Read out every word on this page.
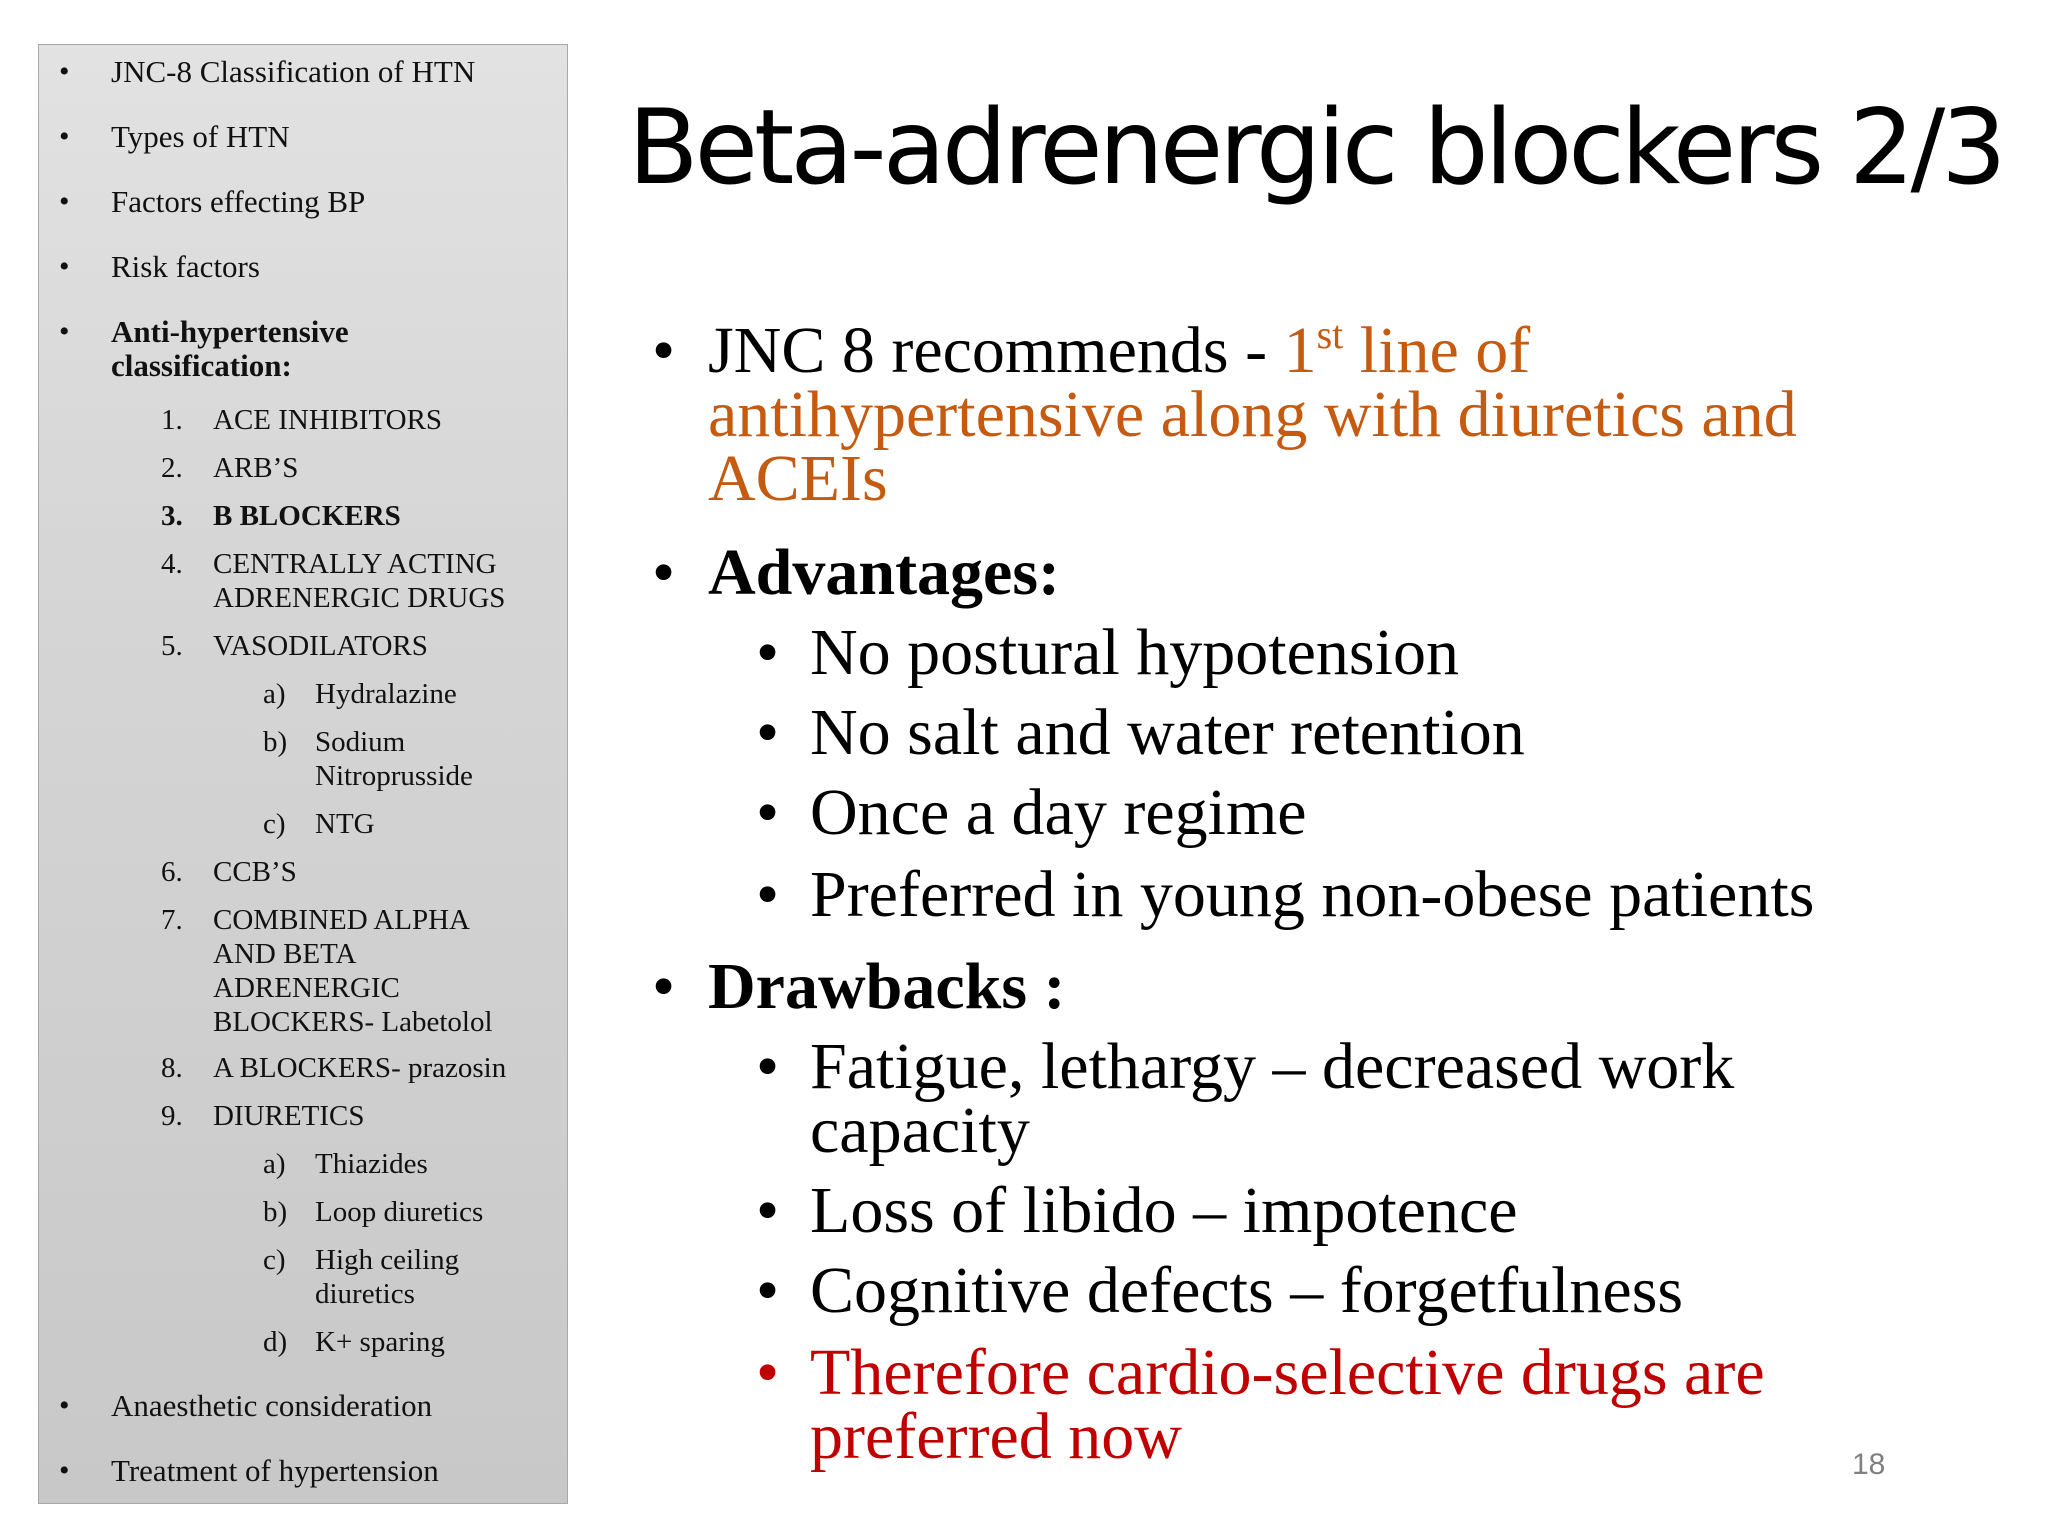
• JNC-8 Classification of HTN
• Types of HTN
• Factors effecting BP
• Risk factors
• Anti-hypertensive classification:
1.	ACE INHIBITORS
2.	ARB’S
3.	B BLOCKERS
4.	CENTRALLY ACTING ADRENERGIC DRUGS
5.	VASODILATORS
a)	Hydralazine
b) Sodium Nitroprusside
c)	NTG
6.	CCB’S
7.	COMBINED ALPHA AND BETA ADRENERGIC BLOCKERS- Labetolol
8.	A BLOCKERS- prazosin
9.	DIURETICS
a)	Thiazides
b) Loop diuretics
c)	High ceiling diuretics
d) K+ sparing
• Anaesthetic consideration
• Treatment of hypertension
Beta-adrenergic blockers 2/3
• JNC 8 recommends - 1st line of
antihypertensive along with diuretics and
ACEIs
• Advantages:
• No postural hypotension
• No salt and water retention
• Once a day regime
• Preferred in young non-obese patients
• Drawbacks :
• Fatigue, lethargy – decreased work
capacity
• Loss of libido – impotence
• Cognitive defects – forgetfulness
• Therefore cardio-selective drugs are
preferred now	18
